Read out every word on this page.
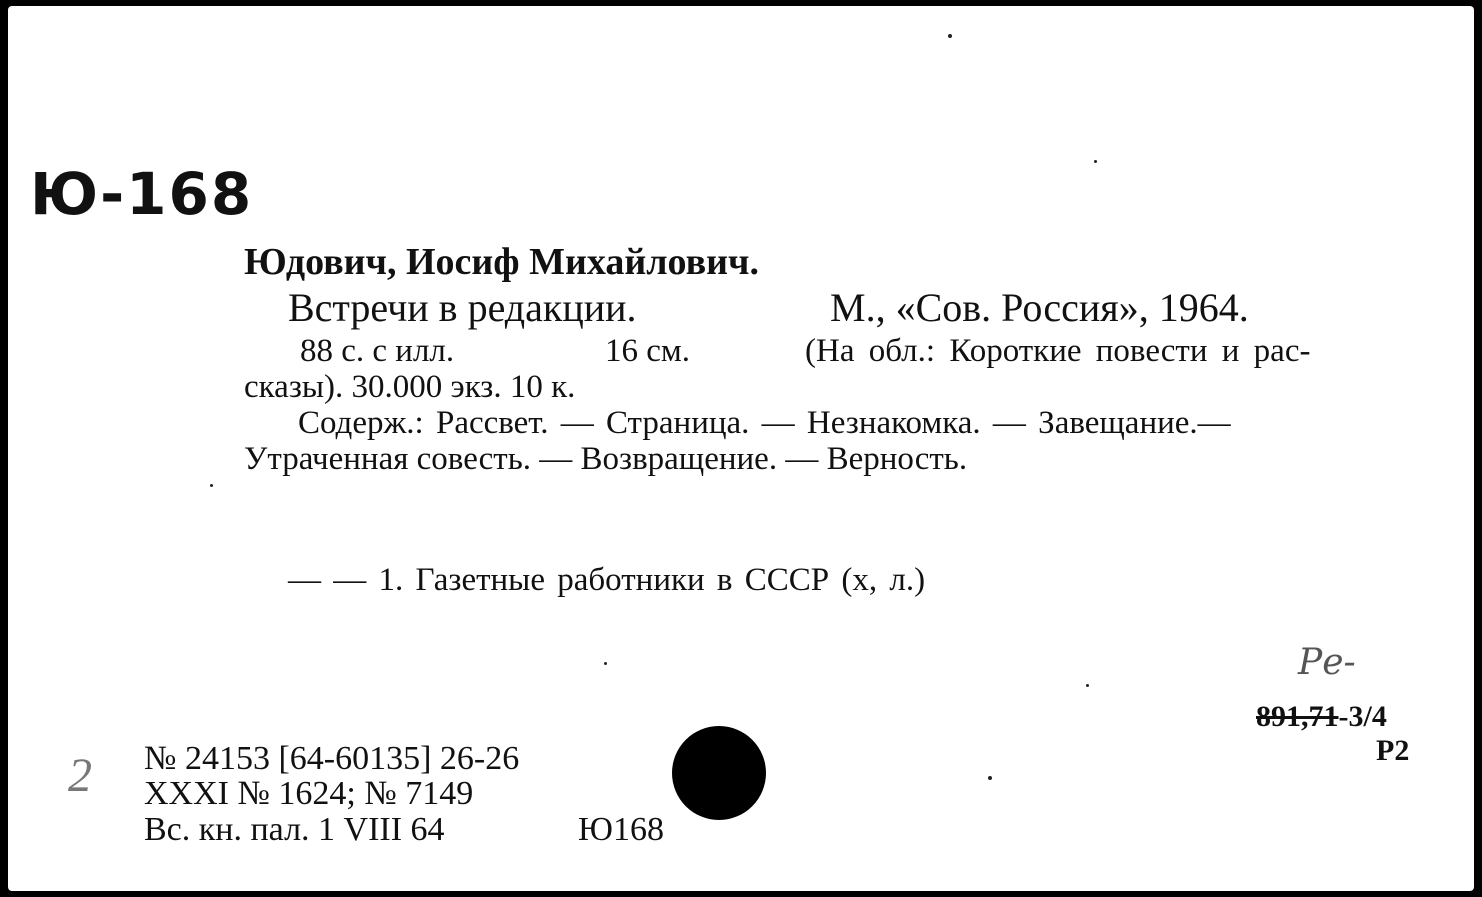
Ю-168
Юдович, Иосиф Михайлович.
Встречи в редакции.	М., «Сов. Россия», 1964.
88 с. с илл.	16 см.	(На обл.: Короткие повести и рас-
сказы). 30.000 экз. 10 к.
Содерж.: Рассвет. — Страница. — Незнакомка. — Завещание.—
Утраченная совесть. — Возвращение. — Верность.
— — 1. Газетные работники в СССР (х, л.)
Ре-
891,71-3/4
Р2
2 № 24153 [64-60135] 26-26
XXXI № 1624; № 7149
Вс. кн. пал. 1 VIII 64	Ю168
